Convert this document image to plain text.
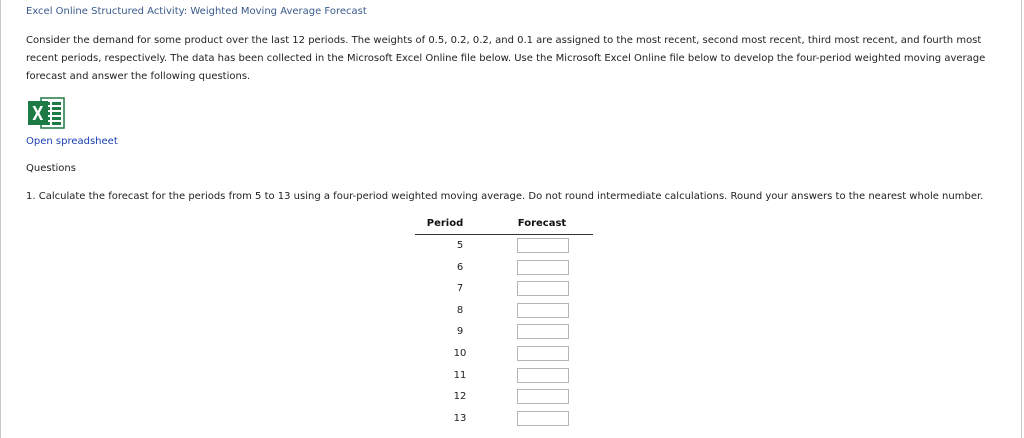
Excel Online Structured Activity: Weighted Moving Average Forecast
Consider the demand for some product over the last 12 periods. The weights of 0.5, 0.2, 0.2, and 0.1 are assigned to the most recent, second most recent, third most recent, and fourth most recent periods, respectively. The data has been collected in the Microsoft Excel Online file below. Use the Microsoft Excel Online file below to develop the four-period weighted moving average forecast and answer the following questions.
Open spreadsheet
Questions
1. Calculate the forecast for the periods from 5 to 13 using a four-period weighted moving average. Do not round intermediate calculations. Round your answers to the nearest whole number.
Period	Forecast
5
6
7
8
9
10
11
12
13
